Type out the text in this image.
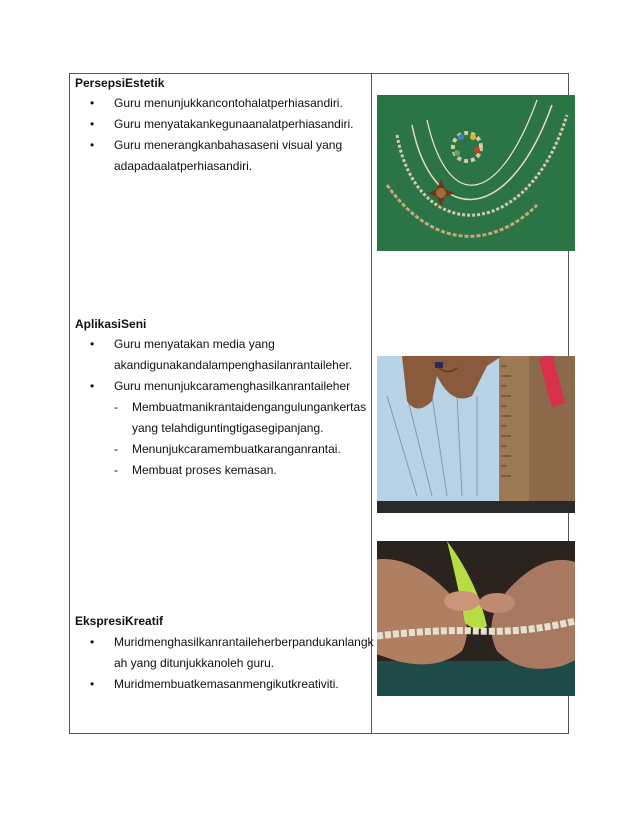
PersepsiEstetik
• Guru menunjukkancontohalatperhiasandiri.
• Guru menyatakankegunaanalatperhiasandiri.
• Guru menerangkanbahasaseni visual yang
adapadaalatperhiasandiri.
AplikasiSeni
• Guru menyatakan media yang
akandigunakandalampenghasilanrantaileher.
• Guru menunjukcaramenghasilkanrantaileher
- Membuatmanikrantaidengangulungankertas
yang telahdiguntingtigasegipanjang.
- Menunjukcaramembuatkaranganrantai.
- Membuat proses kemasan.
EkspresiKreatif
• Muridmenghasilkanrantaileherberpandukanlangk
ah yang ditunjukkanoleh guru.
• Muridmembuatkemasanmengikutkreativiti.
